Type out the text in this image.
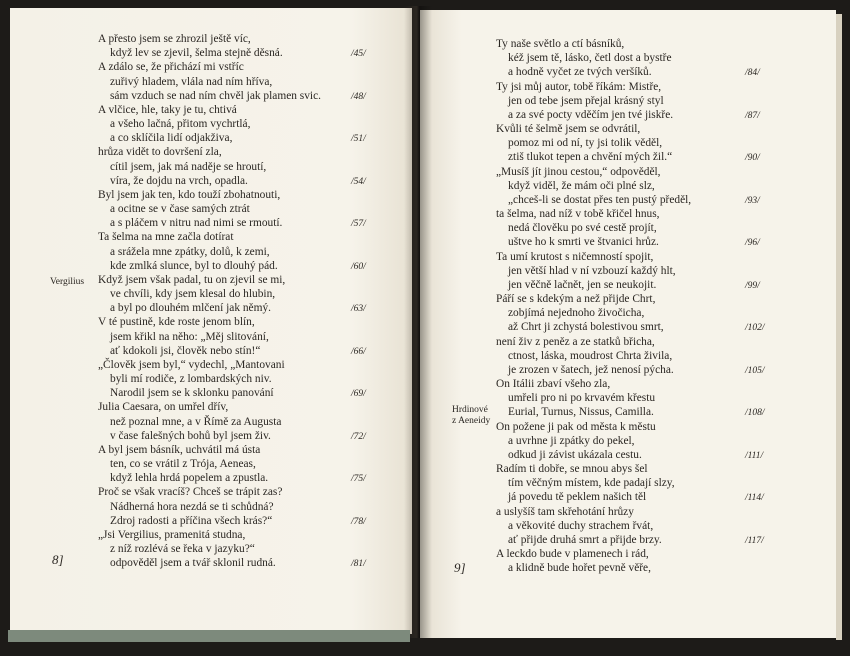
A přesto jsem se zhrozil ještě víc,
když lev se zjevil, šelma stejně děsná.
A zdálo se, že přichází mi vstříc
zuřivý hladem, vlála nad ním hříva,
sám vzduch se nad ním chvěl jak plamen svic.
A vlčice, hle, taky je tu, chtivá
a všeho lačná, přitom vychrtlá,
a co sklíčila lidí odjakživa,
hrůza vidět to dovršení zla,
cítil jsem, jak má naděje se hroutí,
víra, že dojdu na vrch, opadla.
Byl jsem jak ten, kdo touží zbohatnouti,
a ocitne se v čase samých ztrát
a s pláčem v nitru nad nimi se rmoutí.
Ta šelma na mne začla dotírat
a srážela mne zpátky, dolů, k zemi,
kde zmlká slunce, byl to dlouhý pád.
Když jsem však padal, tu on zjevil se mi,
ve chvíli, kdy jsem klesal do hlubin,
a byl po dlouhém mlčení jak němý.
V té pustině, kde roste jenom blín,
jsem křikl na něho: „Měj slitování,
ať kdokoli jsi, člověk nebo stín!“
„Člověk jsem byl,“ vydechl, „Mantovani
byli mí rodiče, z lombardských niv.
Narodil jsem se k sklonku panování
Julia Caesara, on umřel dřív,
než poznal mne, a v Římě za Augusta
v čase falešných bohů byl jsem živ.
A byl jsem básník, uchvátil má ústa
ten, co se vrátil z Trója, Aeneas,
když lehla hrdá popelem a zpustla.
Proč se však vracíš? Chceš se trápit zas?
Nádherná hora nezdá se ti schůdná?
Zdroj radosti a příčina všech krás?“
„Jsi Vergilius, pramenitá studna,
z níž rozlévá se řeka v jazyku?“
odpověděl jsem a tvář sklonil rudná.
/45/
/48/
/51/
/54/
/57/
/60/
/63/
/66/
/69/
/72/
/75/
/78/
/81/
Vergilius
8]
Ty naše světlo a ctí básníků,
kéž jsem tě, lásko, četl dost a bystře
a hodně vyčet ze tvých veršíků.
Ty jsi můj autor, tobě říkám: Mistře,
jen od tebe jsem přejal krásný styl
a za své pocty vděčím jen tvé jiskře.
Kvůli té šelmě jsem se odvrátil,
pomoz mi od ní, ty jsi tolik věděl,
ztiš tlukot tepen a chvění mých žil.“
„Musíš jít jinou cestou,“ odpověděl,
když viděl, že mám oči plné slz,
„chceš-li se dostat přes ten pustý předěl,
ta šelma, nad níž v tobě křičel hnus,
nedá člověku po své cestě projít,
uštve ho k smrti ve štvanici hrůz.
Ta umí krutost s ničemností spojit,
jen větší hlad v ní vzbouzí každý hlt,
jen věčně lačnět, jen se neukojit.
Páří se s kdekým a než přijde Chrt,
zobjímá nejednoho živočicha,
až Chrt ji zchystá bolestivou smrt,
není živ z peněz a ze statků břicha,
ctnost, láska, moudrost Chrta živila,
je zrozen v šatech, jež nenosí pýcha.
On Itálii zbaví všeho zla,
umřeli pro ni po krvavém křestu
Eurial, Turnus, Nissus, Camilla.
On požene ji pak od města k městu
a uvrhne ji zpátky do pekel,
odkud ji závist ukázala cestu.
Radím ti dobře, se mnou abys šel
tím věčným místem, kde padají slzy,
já povedu tě peklem našich těl
a uslyšíš tam skřehotání hrůzy
a věkovité duchy strachem řvát,
ať přijde druhá smrt a přijde brzy.
A leckdo bude v plamenech i rád,
a klidně bude hořet pevně věře,
/84/
/87/
/90/
/93/
/96/
/99/
/102/
/105/
/108/
/111/
/114/
/117/
Hrdinové
z Aeneidy
9]
